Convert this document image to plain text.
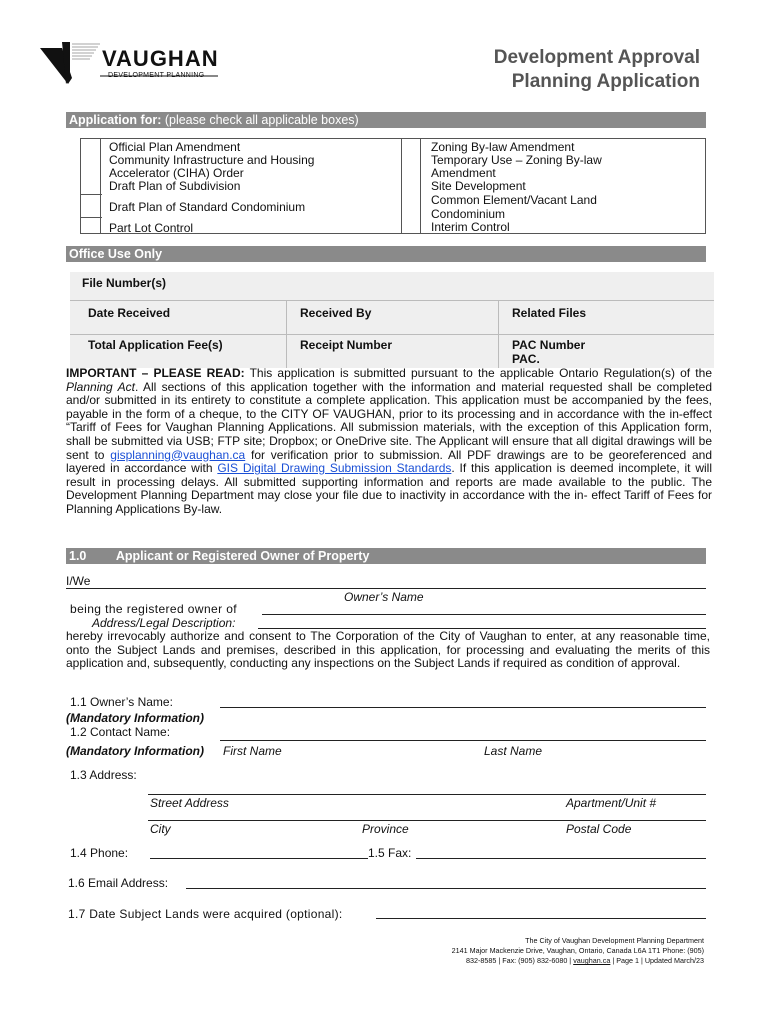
VAUGHAN
DEVELOPMENT PLANNING
Development Approval
Planning Application
Application for: (please check all applicable boxes)
Official Plan Amendment
Community Infrastructure and Housing
Accelerator (CIHA) Order
Draft Plan of Subdivision
Draft Plan of Standard Condominium
Part Lot Control
Zoning By-law Amendment
Temporary Use – Zoning By-law
Amendment
Site Development
Common Element/Vacant Land
Condominium
Interim Control
Office Use Only
File Number(s)
Date Received	Received By	Related Files
Total Application Fee(s)	Receipt Number	PAC Number
PAC.
IMPORTANT – PLEASE READ: This application is submitted pursuant to the applicable Ontario Regulation(s) of the Planning Act. All sections of this application together with the information and material requested shall be completed and/or submitted in its entirety to constitute a complete application. This application must be accompanied by the fees, payable in the form of a cheque, to the CITY OF VAUGHAN, prior to its processing and in accordance with the in-effect “Tariff of Fees for Vaughan Planning Applications. All submission materials, with the exception of this Application form, shall be submitted via USB; FTP site; Dropbox; or OneDrive site. The Applicant will ensure that all digital drawings will be sent to gisplanning@vaughan.ca for verification prior to submission. All PDF drawings are to be georeferenced and layered in accordance with GIS Digital Drawing Submission Standards. If this application is deemed incomplete, it will result in processing delays. All submitted supporting information and reports are made available to the public. The Development Planning Department may close your file due to inactivity in accordance with the in- effect Tariff of Fees for Planning Applications By-law.
1.0 Applicant or Registered Owner of Property
I/We
Owner’s Name
being the registered owner of
Address/Legal Description:
hereby irrevocably authorize and consent to The Corporation of the City of Vaughan to enter, at any reasonable time, onto the Subject Lands and premises, described in this application, for processing and evaluating the merits of this application and, subsequently, conducting any inspections on the Subject Lands if required as condition of approval.
1.1 Owner’s Name:
(Mandatory Information)
1.2 Contact Name:
(Mandatory Information) First Name	Last Name
1.3 Address:
Street Address	Apartment/Unit #
City	Province	Postal Code
1.4 Phone:	1.5 Fax:
1.6 Email Address:
1.7 Date Subject Lands were acquired (optional):
The City of Vaughan Development Planning Department
2141 Major Mackenzie Drive, Vaughan, Ontario, Canada L6A 1T1 Phone: (905)
832-8585 | Fax: (905) 832-6080 | vaughan.ca | Page 1 | Updated March/23
